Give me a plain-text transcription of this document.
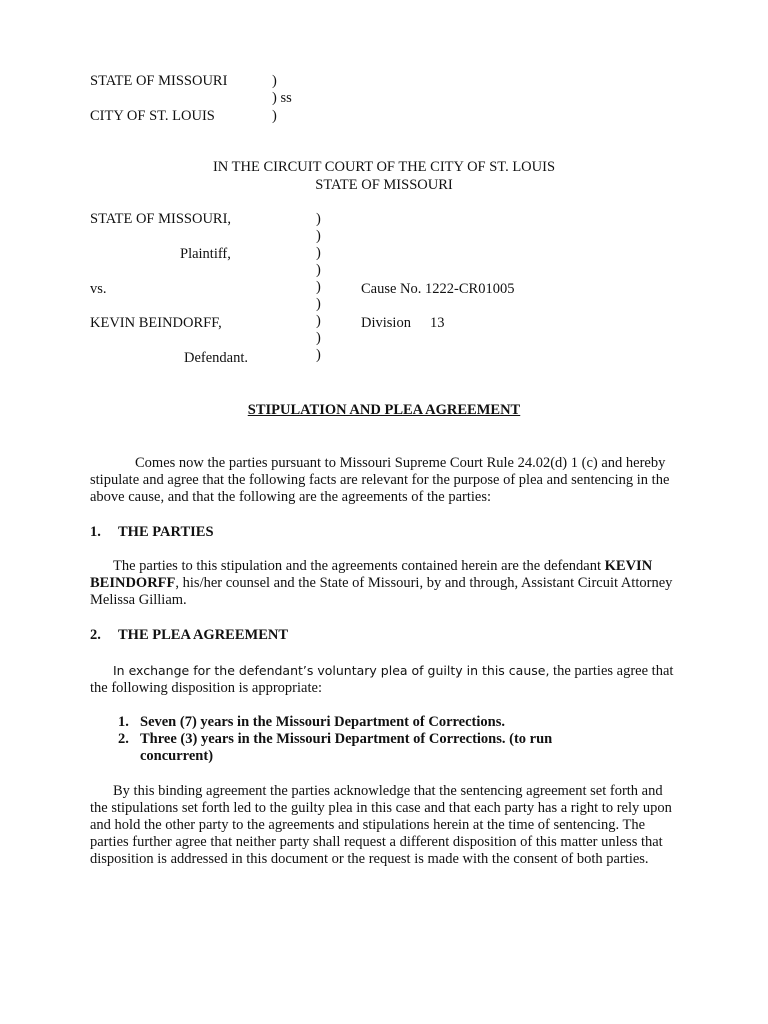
STATE OF MISSOURI	)
) ss
CITY OF ST. LOUIS	)
IN THE CIRCUIT COURT OF THE CITY OF ST. LOUIS
STATE OF MISSOURI
STATE OF MISSOURI,
Plaintiff,
vs.
KEVIN BEINDORFF,
Defendant.
)
)
)
)
)
)
)
)
)
Cause No. 1222-CR01005
Division 13
STIPULATION AND PLEA AGREEMENT
Comes now the parties pursuant to Missouri Supreme Court Rule 24.02(d) 1 (c) and hereby stipulate and agree that the following facts are relevant for the purpose of plea and sentencing in the above cause, and that the following are the agreements of the parties:
1. THE PARTIES
The parties to this stipulation and the agreements contained herein are the defendant KEVIN BEINDORFF, his/her counsel and the State of Missouri, by and through, Assistant Circuit Attorney Melissa Gilliam.
2. THE PLEA AGREEMENT
In exchange for the defendant’s voluntary plea of guilty in this cause, the parties agree that the following disposition is appropriate:
1. Seven (7) years in the Missouri Department of Corrections.
2. Three (3) years in the Missouri Department of Corrections. (to run concurrent)
By this binding agreement the parties acknowledge that the sentencing agreement set forth and the stipulations set forth led to the guilty plea in this case and that each party has a right to rely upon and hold the other party to the agreements and stipulations herein at the time of sentencing. The parties further agree that neither party shall request a different disposition of this matter unless that disposition is addressed in this document or the request is made with the consent of both parties.
